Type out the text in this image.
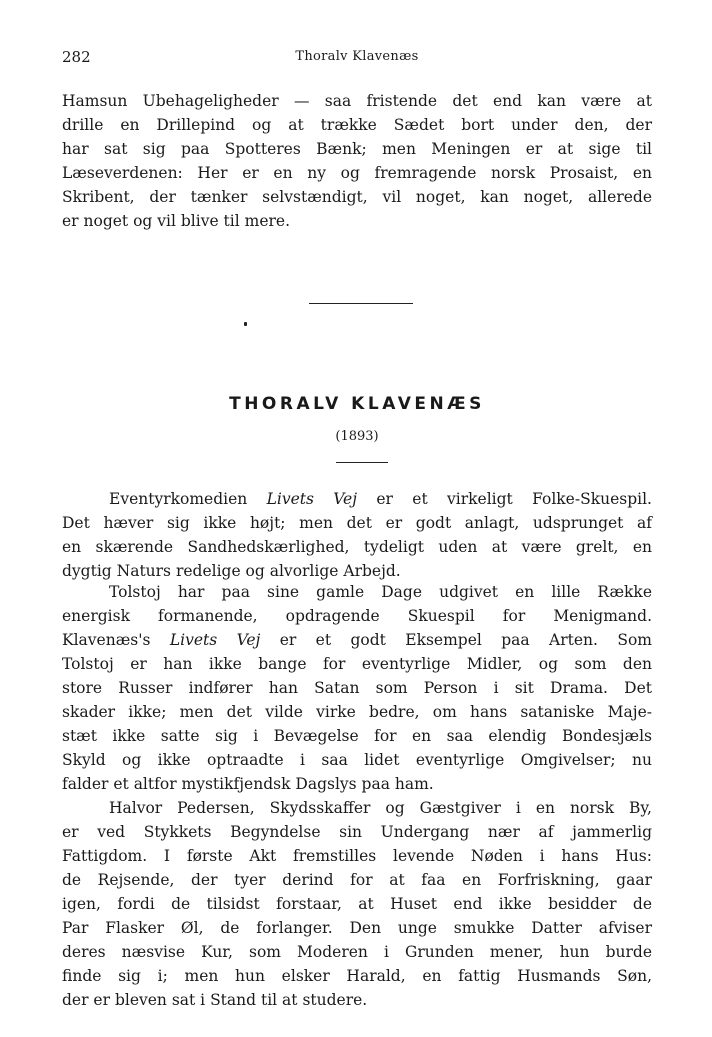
282	Thoralv Klavenæs
Hamsun Ubehageligheder — saa fristende det end kan være at
drille en Drillepind og at trække Sædet bort under den, der
har sat sig paa Spotteres Bænk; men Meningen er at sige til
Læseverdenen: Her er en ny og fremragende norsk Prosaist, en
Skribent, der tænker selvstændigt, vil noget, kan noget, allerede
er noget og vil blive til mere.
THORALV KLAVENÆS
(1893)
Eventyrkomedien Livets Vej er et virkeligt Folke-Skuespil.
Det hæver sig ikke højt; men det er godt anlagt, udsprunget af
en skærende Sandhedskærlighed, tydeligt uden at være grelt, en
dygtig Naturs redelige og alvorlige Arbejd.
Tolstoj har paa sine gamle Dage udgivet en lille Række
energisk formanende, opdragende Skuespil for Menigmand.
Klavenæs's Livets Vej er et godt Eksempel paa Arten. Som
Tolstoj er han ikke bange for eventyrlige Midler, og som den
store Russer indfører han Satan som Person i sit Drama. Det
skader ikke; men det vilde virke bedre, om hans sataniske Maje-
stæt ikke satte sig i Bevægelse for en saa elendig Bondesjæls
Skyld og ikke optraadte i saa lidet eventyrlige Omgivelser; nu
falder et altfor mystikfjendsk Dagslys paa ham.
Halvor Pedersen, Skydsskaffer og Gæstgiver i en norsk By,
er ved Stykkets Begyndelse sin Undergang nær af jammerlig
Fattigdom. I første Akt fremstilles levende Nøden i hans Hus:
de Rejsende, der tyer derind for at faa en Forfriskning, gaar
igen, fordi de tilsidst forstaar, at Huset end ikke besidder de
Par Flasker Øl, de forlanger. Den unge smukke Datter afviser
deres næsvise Kur, som Moderen i Grunden mener, hun burde
finde sig i; men hun elsker Harald, en fattig Husmands Søn,
der er bleven sat i Stand til at studere.
